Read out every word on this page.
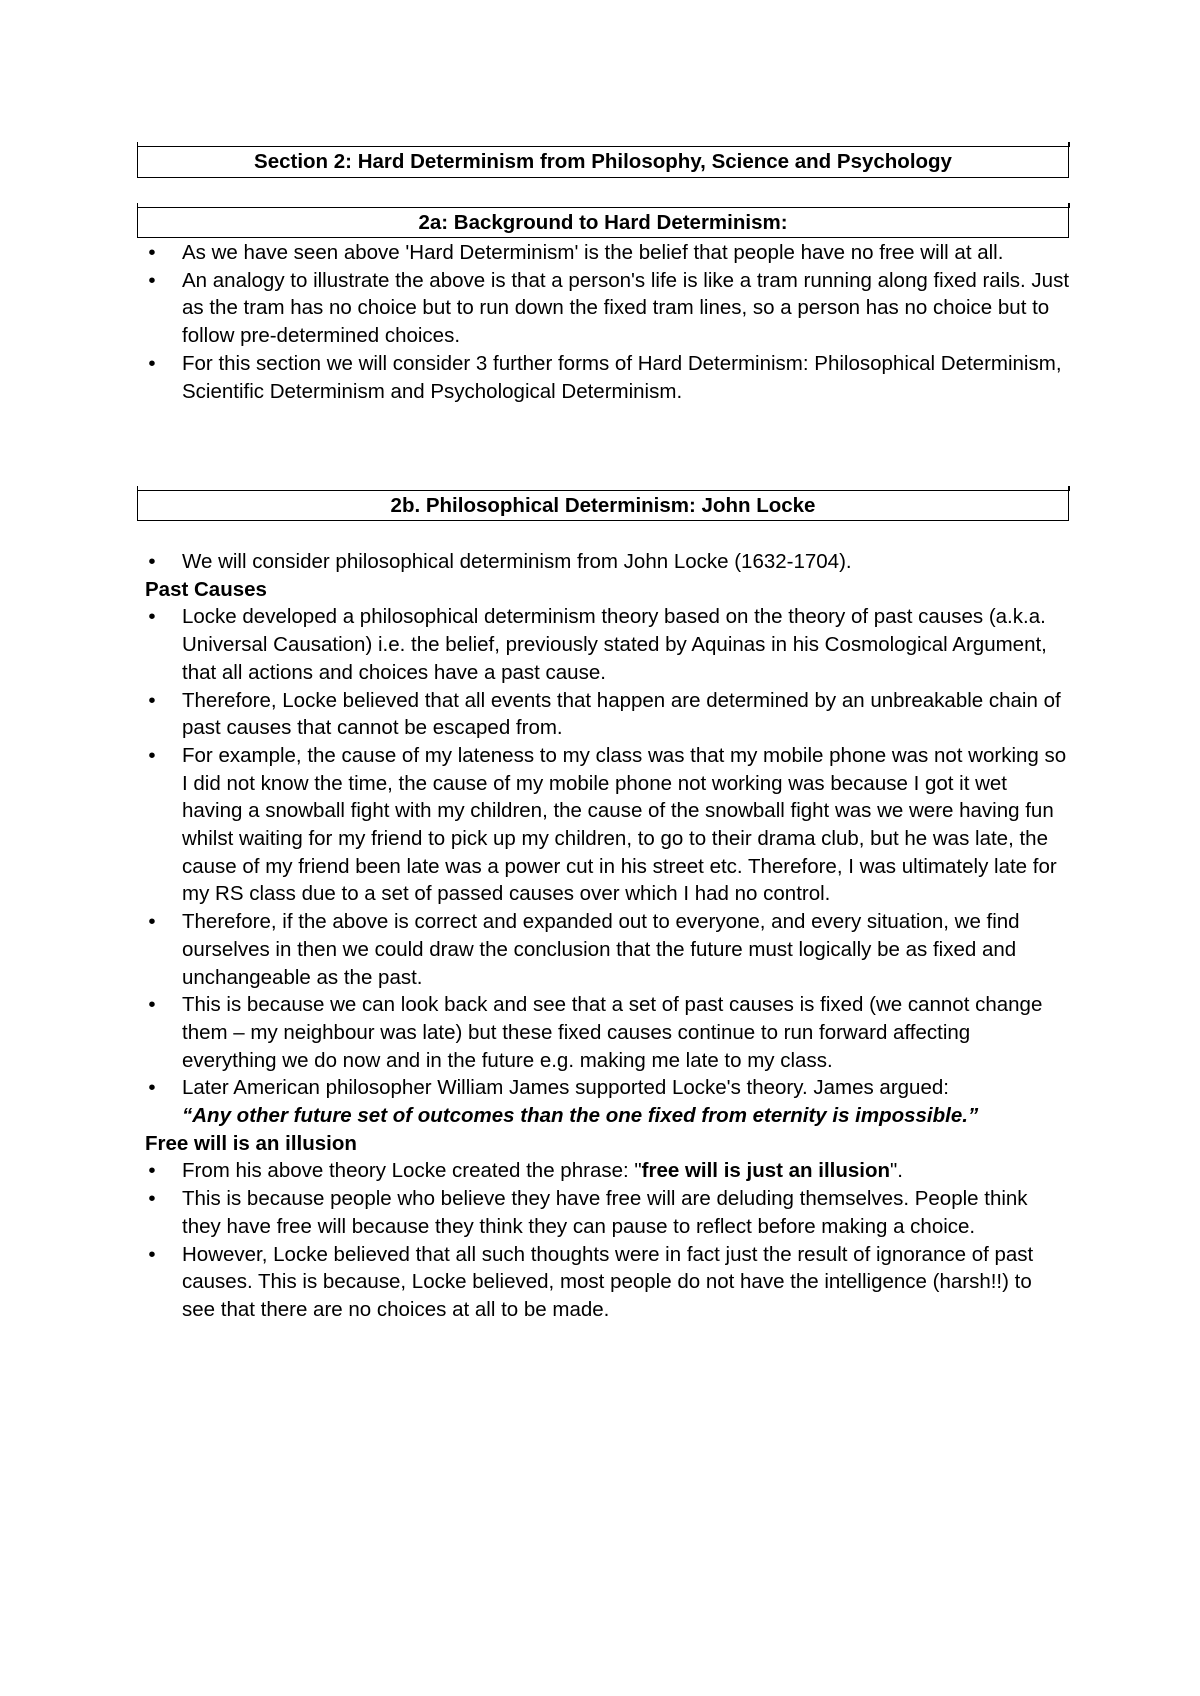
Section 2: Hard Determinism from Philosophy, Science and Psychology
2a: Background to Hard Determinism:
• As we have seen above 'Hard Determinism' is the belief that people have no free will at all.
• An analogy to illustrate the above is that a person's life is like a tram running along fixed rails. Just as the tram has no choice but to run down the fixed tram lines, so a person has no choice but to follow pre-determined choices.
• For this section we will consider 3 further forms of Hard Determinism: Philosophical Determinism, Scientific Determinism and Psychological Determinism.
2b. Philosophical Determinism: John Locke
• We will consider philosophical determinism from John Locke (1632-1704).
Past Causes
• Locke developed a philosophical determinism theory based on the theory of past causes (a.k.a. Universal Causation) i.e. the belief, previously stated by Aquinas in his Cosmological Argument, that all actions and choices have a past cause.
• Therefore, Locke believed that all events that happen are determined by an unbreakable chain of past causes that cannot be escaped from.
• For example, the cause of my lateness to my class was that my mobile phone was not working so I did not know the time, the cause of my mobile phone not working was because I got it wet having a snowball fight with my children, the cause of the snowball fight was we were having fun whilst waiting for my friend to pick up my children, to go to their drama club, but he was late, the cause of my friend been late was a power cut in his street etc. Therefore, I was ultimately late for my RS class due to a set of passed causes over which I had no control.
• Therefore, if the above is correct and expanded out to everyone, and every situation, we find ourselves in then we could draw the conclusion that the future must logically be as fixed and unchangeable as the past.
• This is because we can look back and see that a set of past causes is fixed (we cannot change them – my neighbour was late) but these fixed causes continue to run forward affecting everything we do now and in the future e.g. making me late to my class.
• Later American philosopher William James supported Locke's theory. James argued:
“Any other future set of outcomes than the one fixed from eternity is impossible.”
Free will is an illusion
• From his above theory Locke created the phrase: "free will is just an illusion".
• This is because people who believe they have free will are deluding themselves. People think they have free will because they think they can pause to reflect before making a choice.
• However, Locke believed that all such thoughts were in fact just the result of ignorance of past causes. This is because, Locke believed, most people do not have the intelligence (harsh!!) to see that there are no choices at all to be made.
